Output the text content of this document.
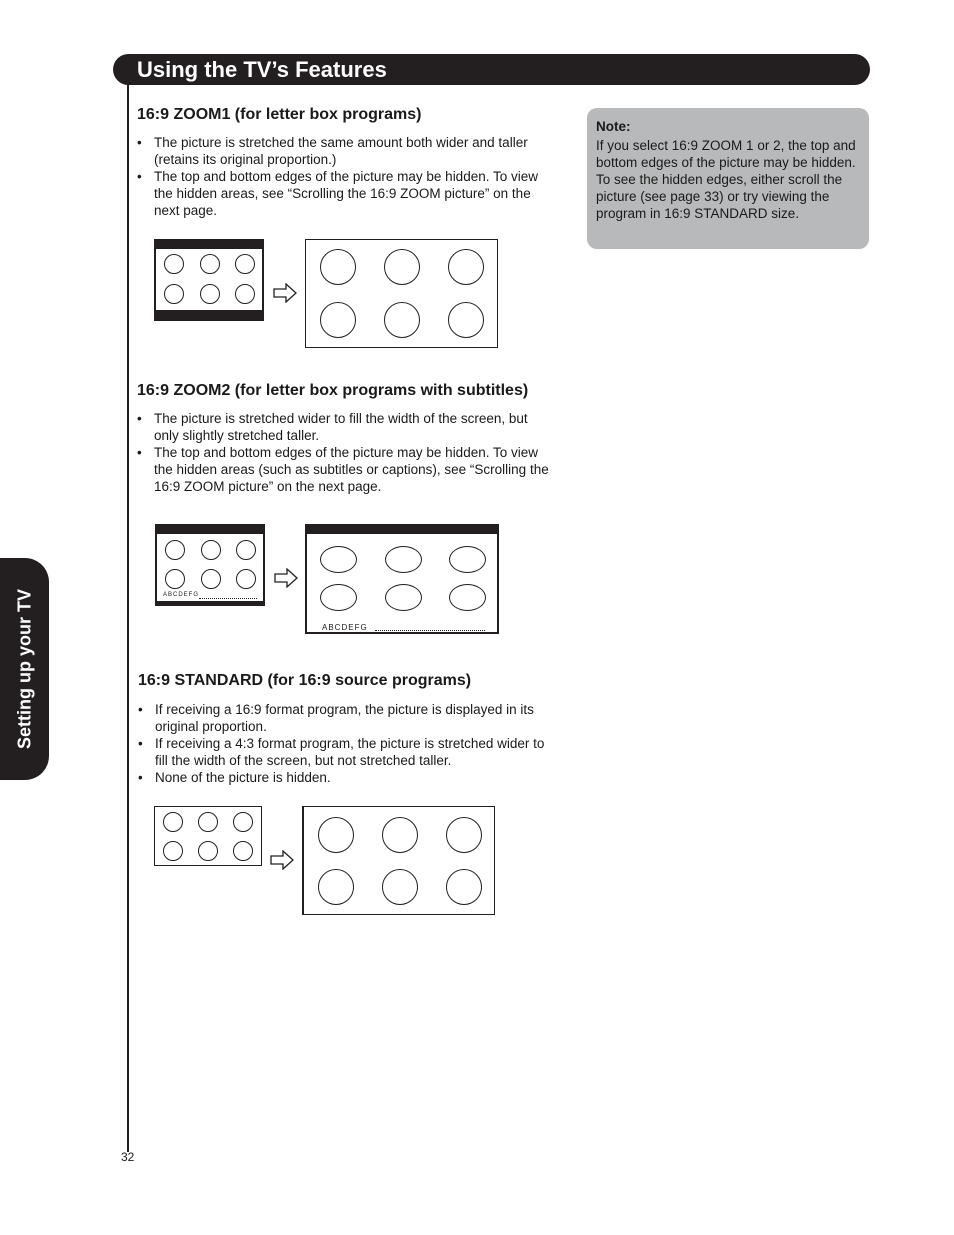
Using the TV’s Features
Setting up your TV
32
Note:
If you select 16:9 ZOOM 1 or 2, the top and bottom edges of the picture may be hidden. To see the hidden edges, either scroll the picture (see page 33) or try viewing the program in 16:9 STANDARD size.
16:9 ZOOM1 (for letter box programs)
• The picture is stretched the same amount both wider and taller (retains its original proportion.)
• The top and bottom edges of the picture may be hidden. To view the hidden areas, see “Scrolling the 16:9 ZOOM picture” on the next page.
16:9 ZOOM2 (for letter box programs with subtitles)
• The picture is stretched wider to fill the width of the screen, but only slightly stretched taller.
• The top and bottom edges of the picture may be hidden. To view the hidden areas (such as subtitles or captions), see “Scrolling the 16:9 ZOOM picture” on the next page.
ABCDEFG
ABCDEFG
16:9 STANDARD (for 16:9 source programs)
• If receiving a 16:9 format program, the picture is displayed in its original proportion.
• If receiving a 4:3 format program, the picture is stretched wider to fill the width of the screen, but not stretched taller.
• None of the picture is hidden.
